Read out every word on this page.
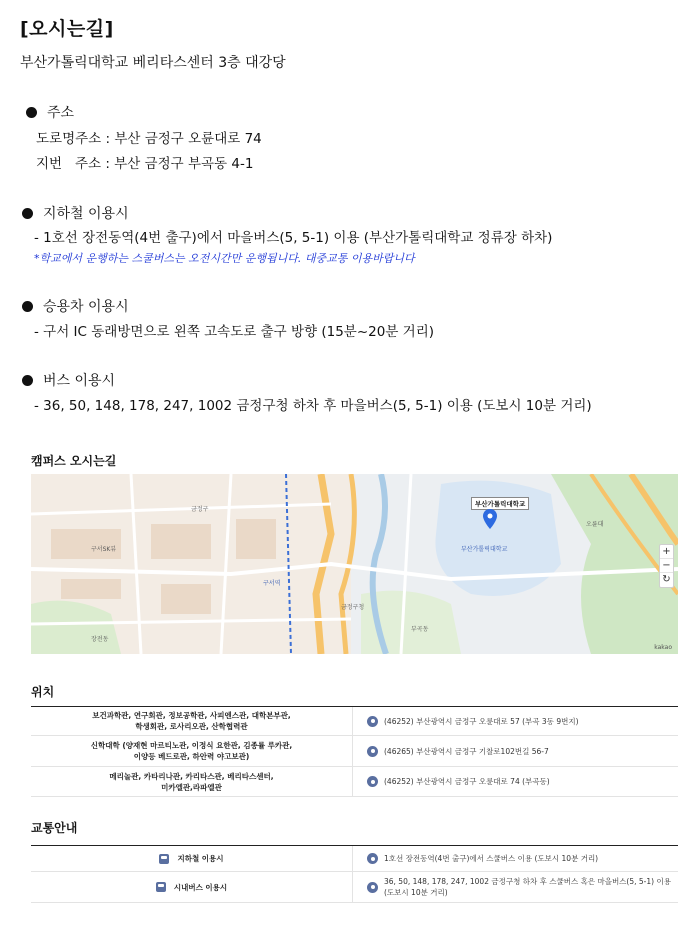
[오시는길]
부산가톨릭대학교 베리타스센터 3층 대강당
주소
도로명주소 : 부산 금정구 오륜대로 74
지번   주소 : 부산 금정구 부곡동 4-1
지하철 이용시
- 1호선 장전동역(4번 출구)에서 마을버스(5, 5-1) 이용 (부산가톨릭대학교 정류장 하차)
*학교에서 운행하는 스쿨버스는 오전시간만 운행됩니다. 대중교통 이용바랍니다
승용차 이용시
- 구서 IC 동래방면으로 왼쪽 고속도로 출구 방향 (15분~20분 거리)
버스 이용시
- 36, 50, 148, 178, 247, 1002 금정구청 하차 후 마을버스(5, 5-1) 이용 (도보시 10분 거리)
캠퍼스 오시는길
부산가톨릭대학교
구서SK뷰
금정구청
부산가톨릭대학교
구서역
금정구
부곡동
오륜대
장전동
+
−
↻
kakao
위치
보건과학관, 연구회관, 정보공학관, 사피엔스관, 대학본부관,
학생회관, 로사리오관, 산학협력관
(46252) 부산광역시 금정구 오륜대로 57 (부곡 3동 9번지)
신학대학 (양재현 마르티노관, 이정식 요한관, 김종률 루카관,
이양등 베드로관, 하안력 야고보관)
(46265) 부산광역시 금정구 기찰로102번길 56-7
메리놀관, 카타리나관, 카리타스관, 베리타스센터,
미카엘관,라파엘관
(46252) 부산광역시 금정구 오륜대로 74 (부곡동)
교통안내
지하철 이용시	1호선 장전동역(4번 출구)에서 스쿨버스 이용 (도보시 10분 거리)
시내버스 이용시
36, 50, 148, 178, 247, 1002 금정구청 하차 후 스쿨버스 혹은 마을버스(5, 5-1) 이용
(도보시 10분 거리)
